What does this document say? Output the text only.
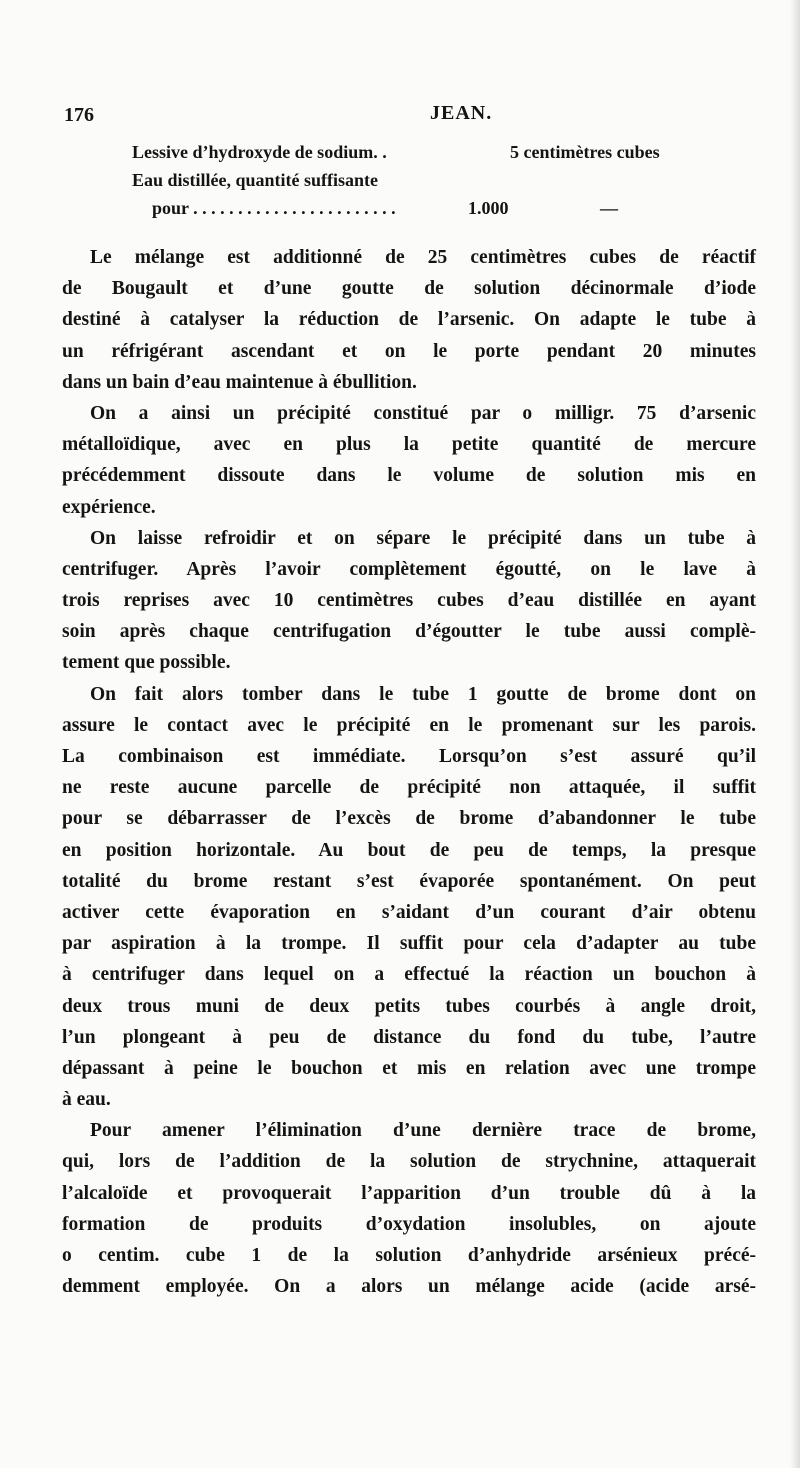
176	JEAN.
Lessive d’hydroxyde de sodium. .	5 centimètres cubes
Eau distillée, quantité suffisante
pour . . . . . . . . . . . . . . . . . . . . . . .	1.000	—
Le mélange est additionné de 25 centimètres cubes de réactif
de Bougault et d’une goutte de solution décinormale d’iode
destiné à catalyser la réduction de l’arsenic. On adapte le tube à
un réfrigérant ascendant et on le porte pendant 20 minutes
dans un bain d’eau maintenue à ébullition.
On a ainsi un précipité constitué par o milligr. 75 d’arsenic
métalloïdique, avec en plus la petite quantité de mercure
précédemment dissoute dans le volume de solution mis en
expérience.
On laisse refroidir et on sépare le précipité dans un tube à
centrifuger. Après l’avoir complètement égoutté, on le lave à
trois reprises avec 10 centimètres cubes d’eau distillée en ayant
soin après chaque centrifugation d’égoutter le tube aussi complè-
tement que possible.
On fait alors tomber dans le tube 1 goutte de brome dont on
assure le contact avec le précipité en le promenant sur les parois.
La combinaison est immédiate. Lorsqu’on s’est assuré qu’il
ne reste aucune parcelle de précipité non attaquée, il suffit
pour se débarrasser de l’excès de brome d’abandonner le tube
en position horizontale. Au bout de peu de temps, la presque
totalité du brome restant s’est évaporée spontanément. On peut
activer cette évaporation en s’aidant d’un courant d’air obtenu
par aspiration à la trompe. Il suffit pour cela d’adapter au tube
à centrifuger dans lequel on a effectué la réaction un bouchon à
deux trous muni de deux petits tubes courbés à angle droit,
l’un plongeant à peu de distance du fond du tube, l’autre
dépassant à peine le bouchon et mis en relation avec une trompe
à eau.
Pour amener l’élimination d’une dernière trace de brome,
qui, lors de l’addition de la solution de strychnine, attaquerait
l’alcaloïde et provoquerait l’apparition d’un trouble dû à la
formation de produits d’oxydation insolubles, on ajoute
o centim. cube 1 de la solution d’anhydride arsénieux précé-
demment employée. On a alors un mélange acide (acide arsé-
